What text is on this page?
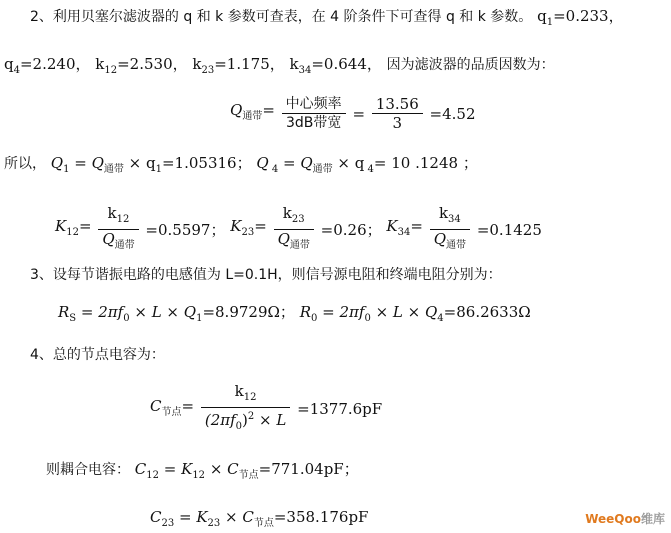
2、利用贝塞尔滤波器的 q 和 k 参数可查表，在 4 阶条件下可查得 q 和 k 参数。 $q_1=0.233$，
$q_4=2.240$， $k_{12}=2.530$， $k_{23}=1.175$， $k_{34}=0.644$， 因为滤波器的品质因数为：
$Q_{通带}= \frac{\text{中心频率}}{\text{3dB带宽}} = \frac{13.56}{3} =4.52$
所以， $Q_1 = Q_{通带} \times q_1=1.05316$； Q $_4 = Q_{通带} \times q$ $_4$= 10 .1248 ；
$K_{12}= \frac{k_{12}}{Q_{通带}} =0.5597$； $K_{23}= \frac{k_{23}}{Q_{通带}} =0.26$； $K_{34}= \frac{k_{34}}{Q_{通带}} =0.1425$
3、设每节谐振电路的电感值为 L=0.1H，则信号源电阻和终端电阻分别为：
$R_S = 2\pi f_0 \times L \times Q_1=8.9729\Omega$； $R_0 = 2\pi f_0 \times L \times Q_4=86.2633\Omega$
4、总的节点电容为：
$C_{节点}= \frac{k_{12}}{(2\pi f_0)^2 \times L} =1377.6pF$
则耦合电容： $C_{12} = K_{12} \times C_{节点}=771.04pF$；
$C_{23} = K_{23} \times C_{节点}=358.176pF$	WeeQoo维库
